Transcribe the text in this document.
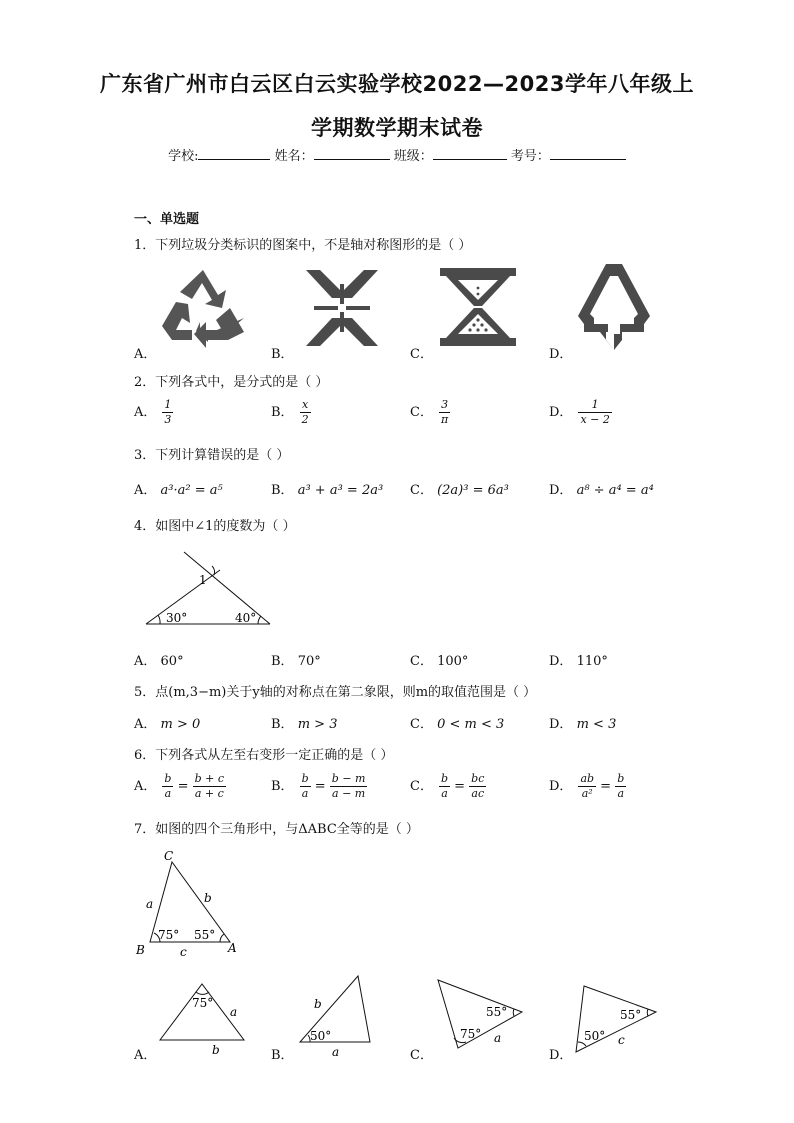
广东省广州市白云区白云实验学校2022—2023学年八年级上
学期数学期末试卷
学校:	姓名：	班级：	考号：
一、单选题
1．下列垃圾分类标识的图案中，不是轴对称图形的是（ ）
A．	B．	C．	D．
2．下列各式中，是分式的是（ ）
A． $\frac{1}{3}$	B． $\frac{x}{2}$	C． $\frac{3}{\pi}$	D． $\frac{1}{x - 2}$
3．下列计算错误的是（ ）
A． a³·a² = a⁵	B． a³ + a³ = 2a³ C． (2a)³ = 6a³	D． a⁸ ÷ a⁴ = a⁴
4．如图中∠1的度数为（ ）
1
30°	40°
A． 60°	B． 70°	C． 100°	D． 110°
5．点(m,3−m)关于y轴的对称点在第二象限，则m的取值范围是（ ）
A． m > 0	B． m > 3	C． 0 < m < 3	D． m < 3
6．下列各式从左至右变形一定正确的是（ ）
A． $\frac{b}{a} = \frac{b + c}{a + c}$	B． $\frac{b}{a} = \frac{b - m}{a - m}$	C． $\frac{b}{a} = \frac{bc}{ac}$	D． $\frac{ab}{\text{a²}} = \frac{b}{a}$
7．如图的四个三角形中，与ΔABC全等的是（ ）
C
B	A
a	b
c
75° 55°
75°
a
b
b
50°
a
55°
75° a
55°
50° c
A．	B．	C．	D．
